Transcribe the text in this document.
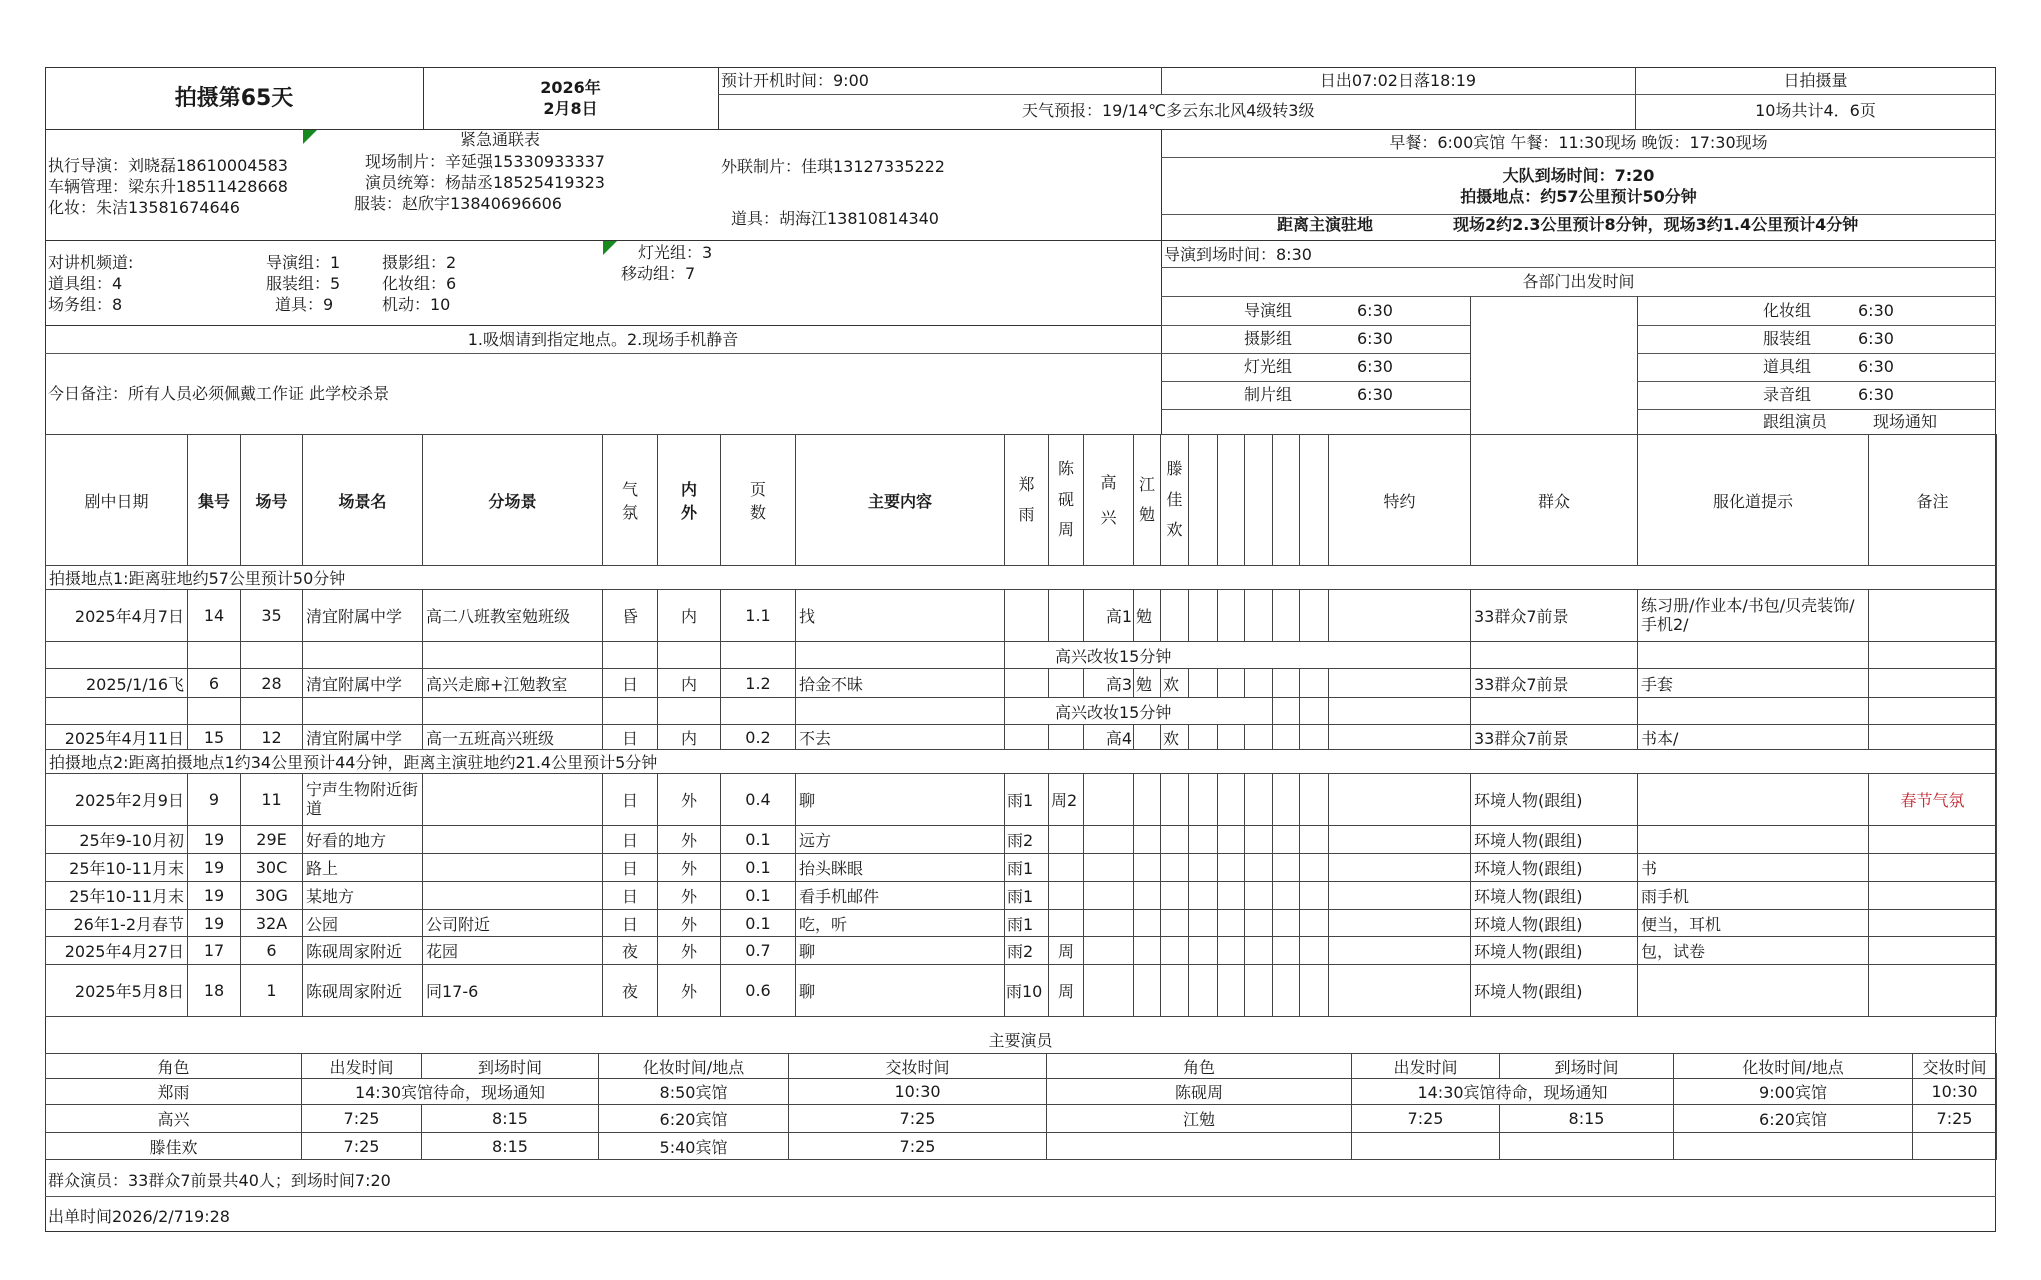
拍摄第65天	2026年
2月8日
预计开机时间：9:00	日出07:02日落18:19	日拍摄量
天气预报：19/14℃多云东北风4级转3级	10场共计4．6页
紧急通联表
执行导演：刘晓磊18610004583
车辆管理：梁东升18511428668
化妆：朱洁13581674646
现场制片：辛延强15330933337
演员统筹：杨喆丞18525419323
服装：赵欣宇13840696606
外联制片：佳琪13127335222
道具：胡海江13810814340
早餐：6:00宾馆 午餐：11:30现场 晚饭：17:30现场
大队到场时间：7:20
拍摄地点：约57公里预计50分钟
距离主演驻地	现场2约2.3公里预计8分钟，现场3约1.4公里预计4分钟
对讲机频道:	导演组：1	摄影组：2
灯光组：3
道具组：4	服装组：5	化妆组：6
移动组：7
场务组：8	道具：9	机动：10
导演到场时间：8:30
各部门出发时间
导演组	6:30
摄影组	6:30
灯光组	6:30
制片组	6:30
化妆组	6:30
服装组	6:30
道具组	6:30
录音组	6:30
跟组演员	现场通知
1.吸烟请到指定地点。2.现场手机静音
今日备注：所有人员必须佩戴工作证 此学校杀景
剧中日期	集号	场号	场景名	分场景	气氛	内外	页数	主要内容	郑雨	陈砚周	高兴	江勉	滕佳欢						特约	群众	服化道提示	备注
拍摄地点1:距离驻地约57公里预计50分钟																						
2025年4月7日	14	35	清宜附属中学	高二八班教室勉班级	昏	内	1.1	找			高1	勉								33群众7前景	练习册/作业本/书包/贝壳装饰/手机2/	
									高兴改妆15分钟													
2025/1/16飞	6	28	清宜附属中学	高兴走廊+江勉教室	日	内	1.2	拾金不昧			高3	勉	欢							33群众7前景	手套	
									高兴改妆15分钟													
2025年4月11日	15	12	清宜附属中学	高一五班高兴班级	日	内	0.2	不去			高4		欢							33群众7前景	书本/	
拍摄地点2:距离拍摄地点1约34公里预计44分钟，距离主演驻地约21.4公里预计5分钟																						
2025年2月9日	9	11	宁声生物附近街道		日	外	0.4	聊	雨1	周2										环境人物(跟组)		春节气氛
25年9-10月初	19	29E	好看的地方		日	外	0.1	远方	雨2											环境人物(跟组)		
25年10-11月末	19	30C	路上		日	外	0.1	抬头眯眼	雨1											环境人物(跟组)	书	
25年10-11月末	19	30G	某地方		日	外	0.1	看手机邮件	雨1											环境人物(跟组)	雨手机	
26年1-2月春节	19	32A	公园	公司附近	日	外	0.1	吃，听	雨1											环境人物(跟组)	便当，耳机	
2025年4月27日	17	6	陈砚周家附近	花园	夜	外	0.7	聊	雨2	周										环境人物(跟组)	包，试卷	
2025年5月8日	18	1	陈砚周家附近	同17-6	夜	外	0.6	聊	雨10	周										环境人物(跟组)		
主要演员
角色	出发时间	到场时间	化妆时间/地点	交妆时间	角色	出发时间	到场时间	化妆时间/地点	交妆时间
郑雨	14:30宾馆待命，现场通知		8:50宾馆	10:30	陈砚周	14:30宾馆待命，现场通知		9:00宾馆	10:30
高兴	7:25	8:15	6:20宾馆	7:25	江勉	7:25	8:15	6:20宾馆	7:25
滕佳欢	7:25	8:15	5:40宾馆	7:25					
群众演员：33群众7前景共40人；到场时间7:20
出单时间2026/2/719:28
